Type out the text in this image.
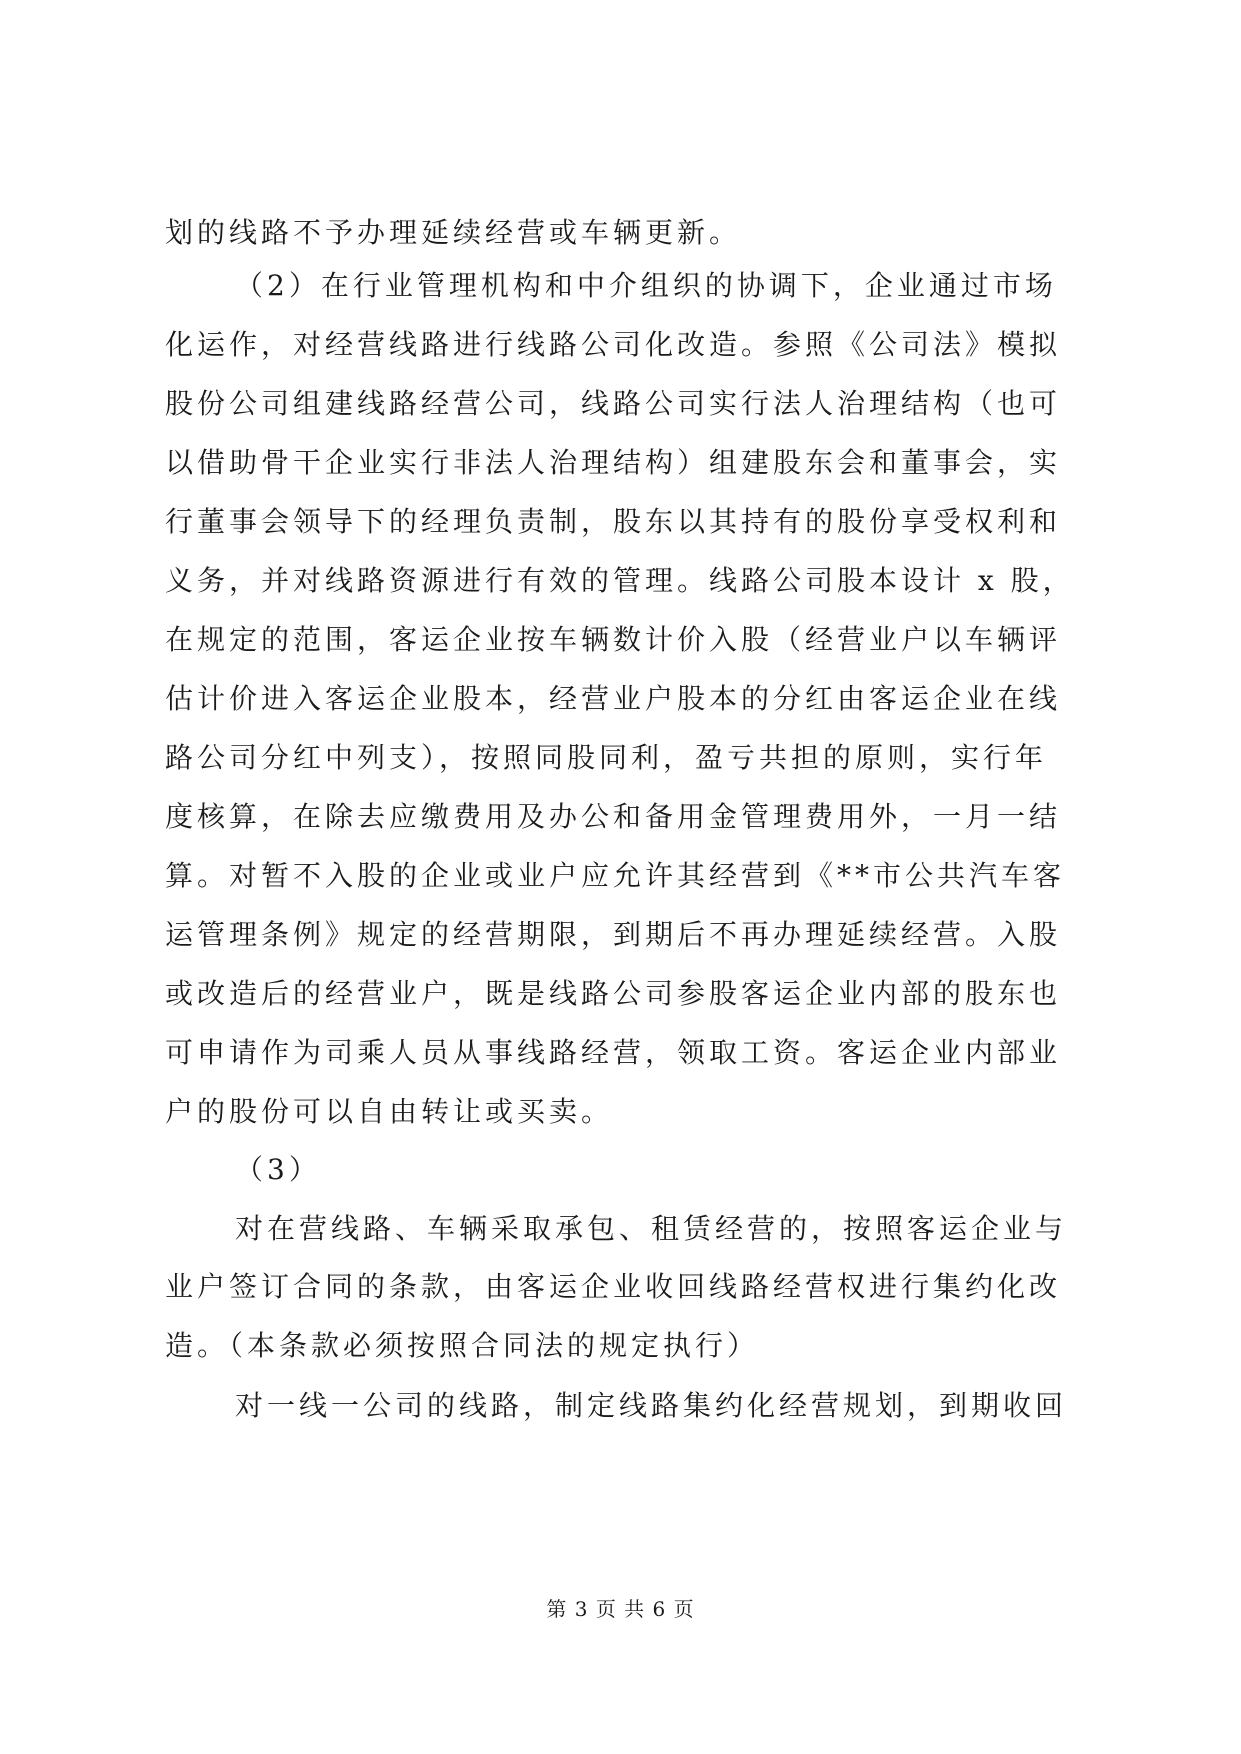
划的线路不予办理延续经营或车辆更新。
（2）在行业管理机构和中介组织的协调下，企业通过市场
化运作，对经营线路进行线路公司化改造。参照《公司法》模拟
股份公司组建线路经营公司，线路公司实行法人治理结构（也可
以借助骨干企业实行非法人治理结构）组建股东会和董事会，实
行董事会领导下的经理负责制，股东以其持有的股份享受权利和
义务，并对线路资源进行有效的管理。线路公司股本设计 x 股，
在规定的范围，客运企业按车辆数计价入股（经营业户以车辆评
估计价进入客运企业股本，经营业户股本的分红由客运企业在线
路公司分红中列支），按照同股同利，盈亏共担的原则，实行年
度核算，在除去应缴费用及办公和备用金管理费用外，一月一结
算。对暂不入股的企业或业户应允许其经营到《**市公共汽车客
运管理条例》规定的经营期限，到期后不再办理延续经营。入股
或改造后的经营业户，既是线路公司参股客运企业内部的股东也
可申请作为司乘人员从事线路经营，领取工资。客运企业内部业
户的股份可以自由转让或买卖。
（3）
对在营线路、车辆采取承包、租赁经营的，按照客运企业与
业户签订合同的条款，由客运企业收回线路经营权进行集约化改
造。（本条款必须按照合同法的规定执行）
对一线一公司的线路，制定线路集约化经营规划，到期收回
第 3 页 共 6 页
